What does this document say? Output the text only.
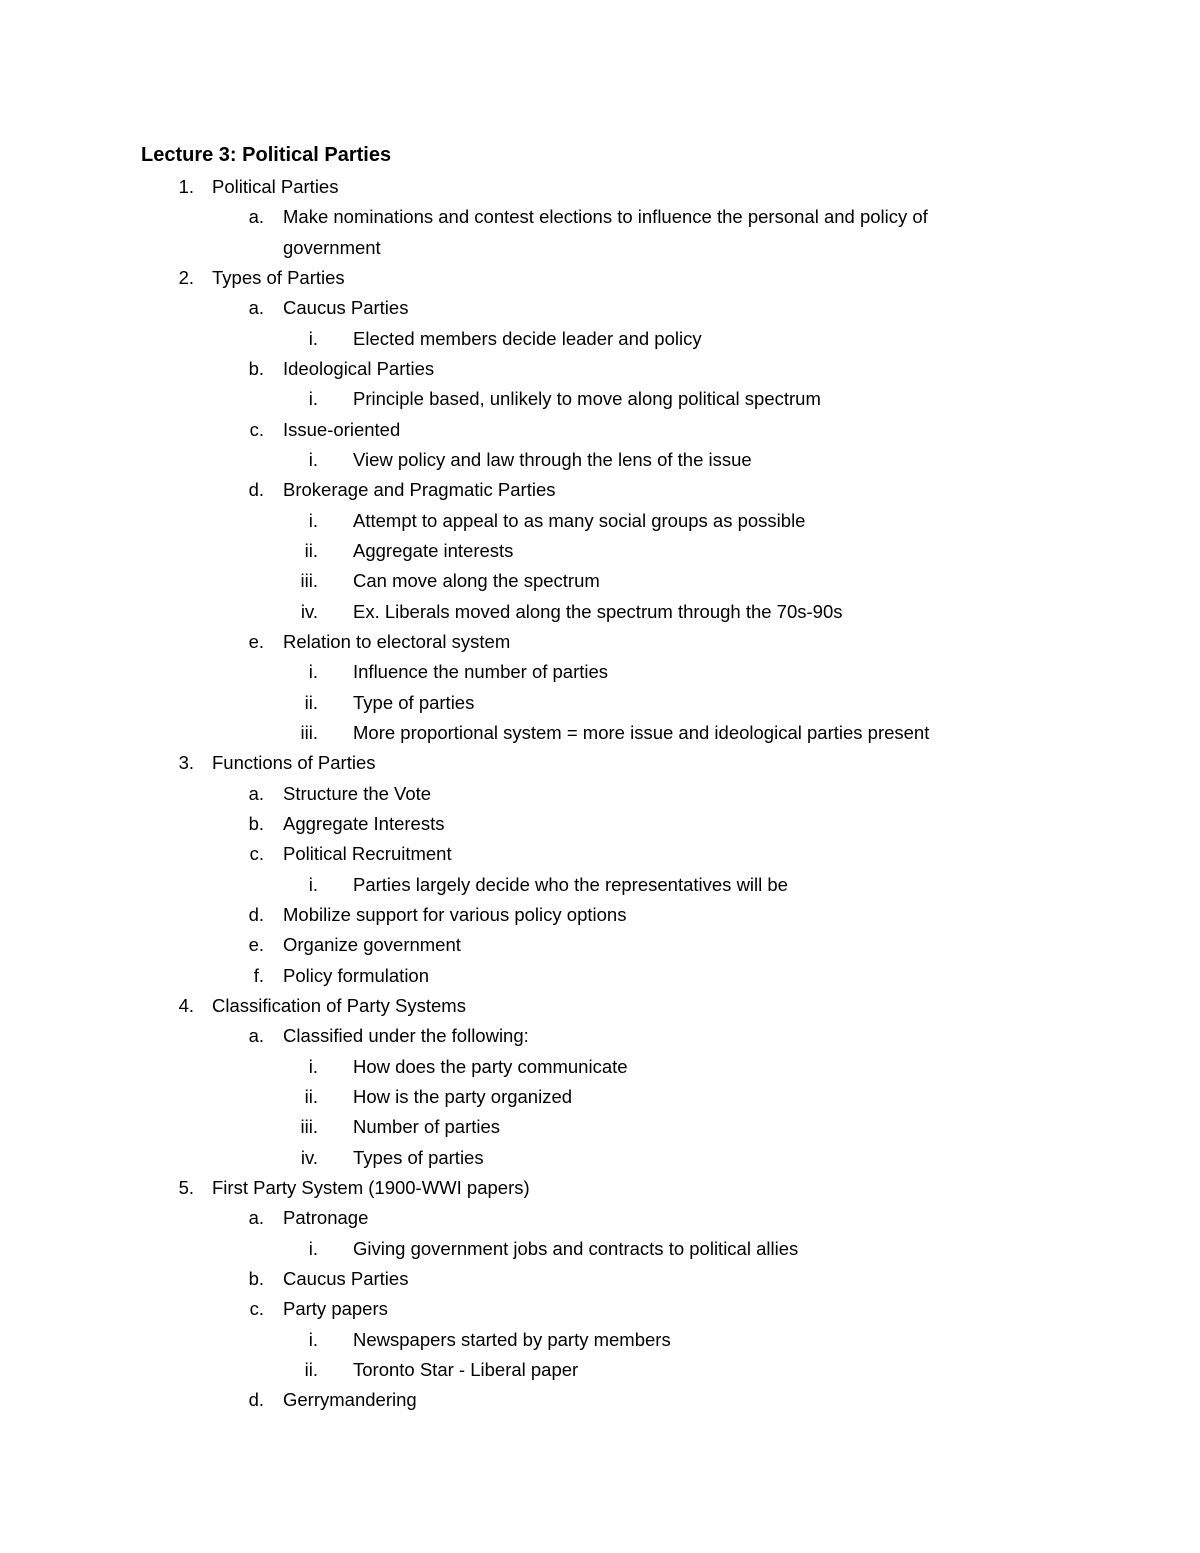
Lecture 3: Political Parties
1. Political Parties
a. Make nominations and contest elections to influence the personal and policy of
government
2. Types of Parties
a. Caucus Parties
i. Elected members decide leader and policy
b. Ideological Parties
i. Principle based, unlikely to move along political spectrum
c. Issue-oriented
i. View policy and law through the lens of the issue
d. Brokerage and Pragmatic Parties
i. Attempt to appeal to as many social groups as possible
ii. Aggregate interests
iii. Can move along the spectrum
iv. Ex. Liberals moved along the spectrum through the 70s-90s
e. Relation to electoral system
i. Influence the number of parties
ii. Type of parties
iii. More proportional system = more issue and ideological parties present
3. Functions of Parties
a. Structure the Vote
b. Aggregate Interests
c. Political Recruitment
i. Parties largely decide who the representatives will be
d. Mobilize support for various policy options
e. Organize government
f. Policy formulation
4. Classification of Party Systems
a. Classified under the following:
i. How does the party communicate
ii. How is the party organized
iii. Number of parties
iv. Types of parties
5. First Party System (1900-WWI papers)
a. Patronage
i. Giving government jobs and contracts to political allies
b. Caucus Parties
c. Party papers
i. Newspapers started by party members
ii. Toronto Star - Liberal paper
d. Gerrymandering
